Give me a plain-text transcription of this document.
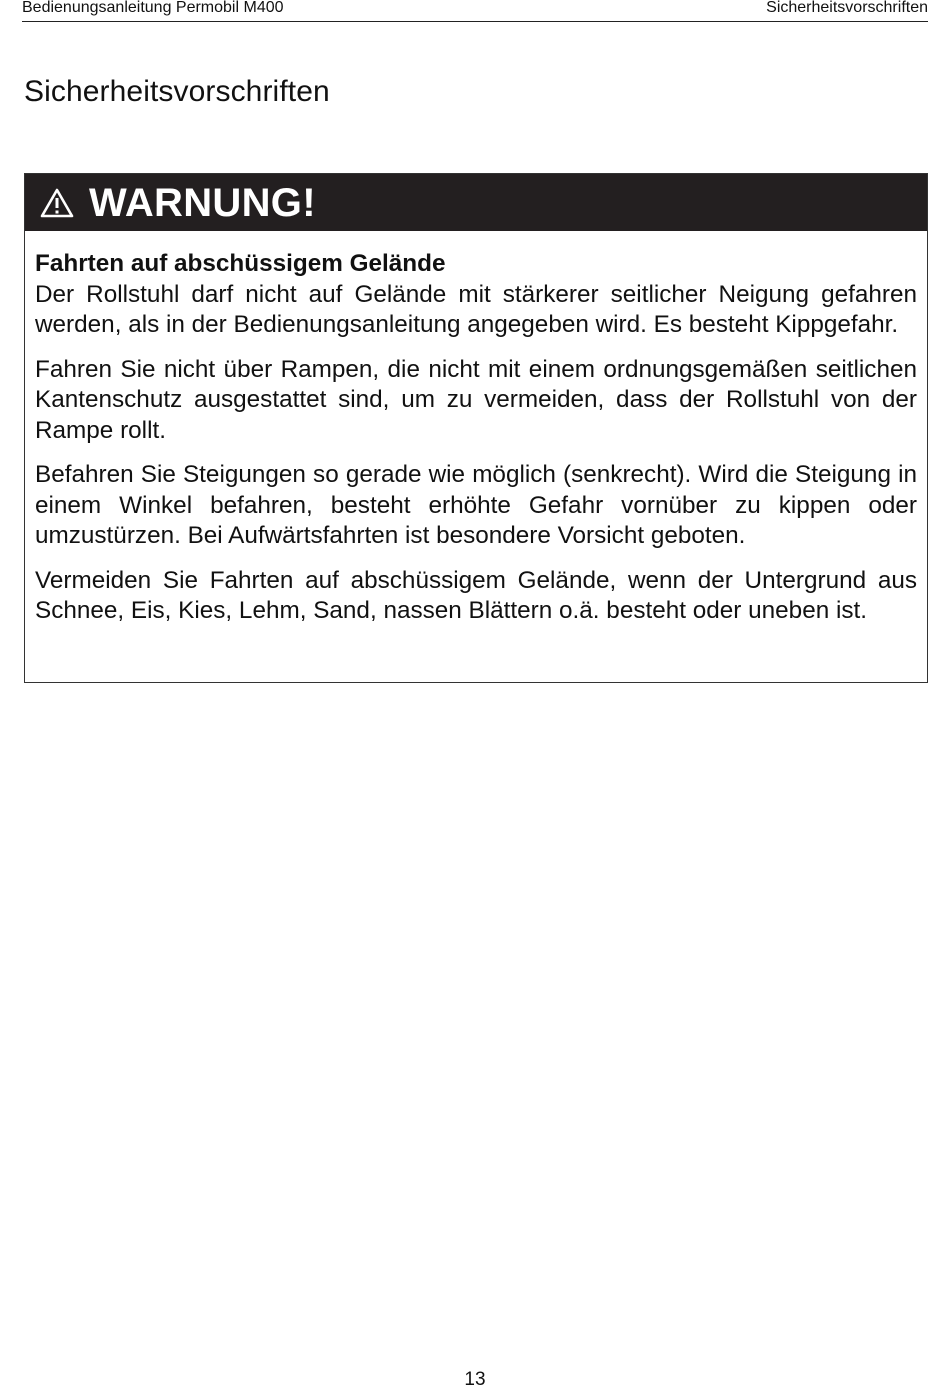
Bedienungsanleitung Permobil M400	Sicherheitsvorschriften
Sicherheitsvorschriften
WARNUNG!
Fahrten auf abschüssigem Gelände

Der Rollstuhl darf nicht auf Gelände mit stärkerer seitlicher Neigung gefahren werden, als in der Bedienungsanleitung angegeben wird. Es besteht Kippgefahr.

Fahren Sie nicht über Rampen, die nicht mit einem ordnungsgemäßen seitlichen Kantenschutz ausgestattet sind, um zu vermeiden, dass der Rollstuhl von der Rampe rollt.

Befahren Sie Steigungen so gerade wie möglich (senkrecht). Wird die Steigung in einem Winkel befahren, besteht erhöhte Gefahr vornüber zu kippen oder umzustürzen. Bei Aufwärtsfahrten ist besondere Vorsicht geboten.

Vermeiden Sie Fahrten auf abschüssigem Gelände, wenn der Untergrund aus Schnee, Eis, Kies, Lehm, Sand, nassen Blättern o.ä. besteht oder uneben ist.

13
